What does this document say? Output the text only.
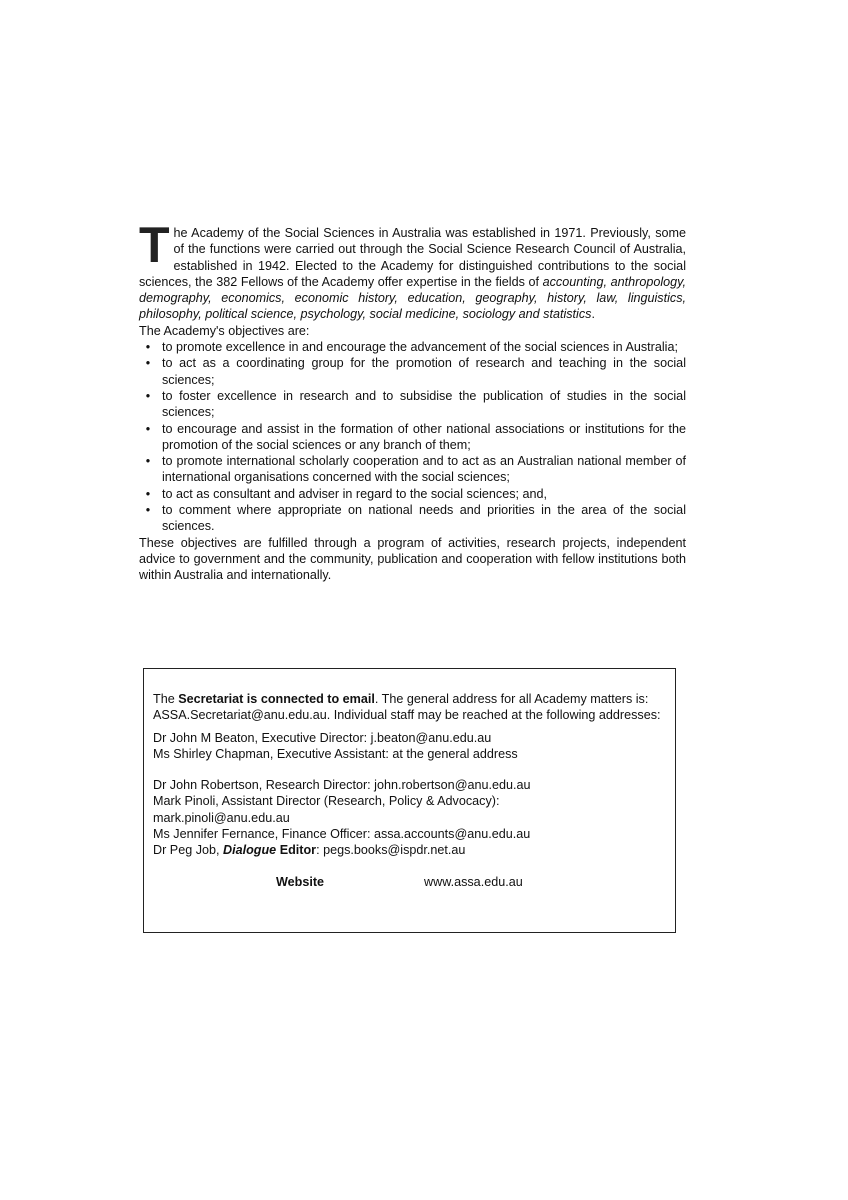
The Academy of the Social Sciences in Australia was established in 1971. Previously, some of the functions were carried out through the Social Science Research Council of Australia, established in 1942. Elected to the Academy for distinguished contributions to the social sciences, the 382 Fellows of the Academy offer expertise in the fields of accounting, anthropology, demography, economics, economic history, education, geography, history, law, linguistics, philosophy, political science, psychology, social medicine, sociology and statistics.

The Academy's objectives are:

• to promote excellence in and encourage the advancement of the social sciences in Australia;
• to act as a coordinating group for the promotion of research and teaching in the social sciences;
• to foster excellence in research and to subsidise the publication of studies in the social sciences;
• to encourage and assist in the formation of other national associations or institutions for the promotion of the social sciences or any branch of them;
• to promote international scholarly cooperation and to act as an Australian national member of international organisations concerned with the social sciences;
• to act as consultant and adviser in regard to the social sciences; and,
• to comment where appropriate on national needs and priorities in the area of the social sciences.

These objectives are fulfilled through a program of activities, research projects, independent advice to government and the community, publication and cooperation with fellow institutions both within Australia and internationally.

The Secretariat is connected to email. The general address for all Academy matters is: ASSA.Secretariat@anu.edu.au. Individual staff may be reached at the following addresses:

Dr John M Beaton, Executive Director: j.beaton@anu.edu.au

Ms Shirley Chapman, Executive Assistant: at the general address

Dr John Robertson, Research Director: john.robertson@anu.edu.au

Mark Pinoli, Assistant Director (Research, Policy & Advocacy):

mark.pinoli@anu.edu.au

Ms Jennifer Fernance, Finance Officer: assa.accounts@anu.edu.au

Dr Peg Job, Dialogue Editor: pegs.books@ispdr.net.au

Website	www.assa.edu.au
